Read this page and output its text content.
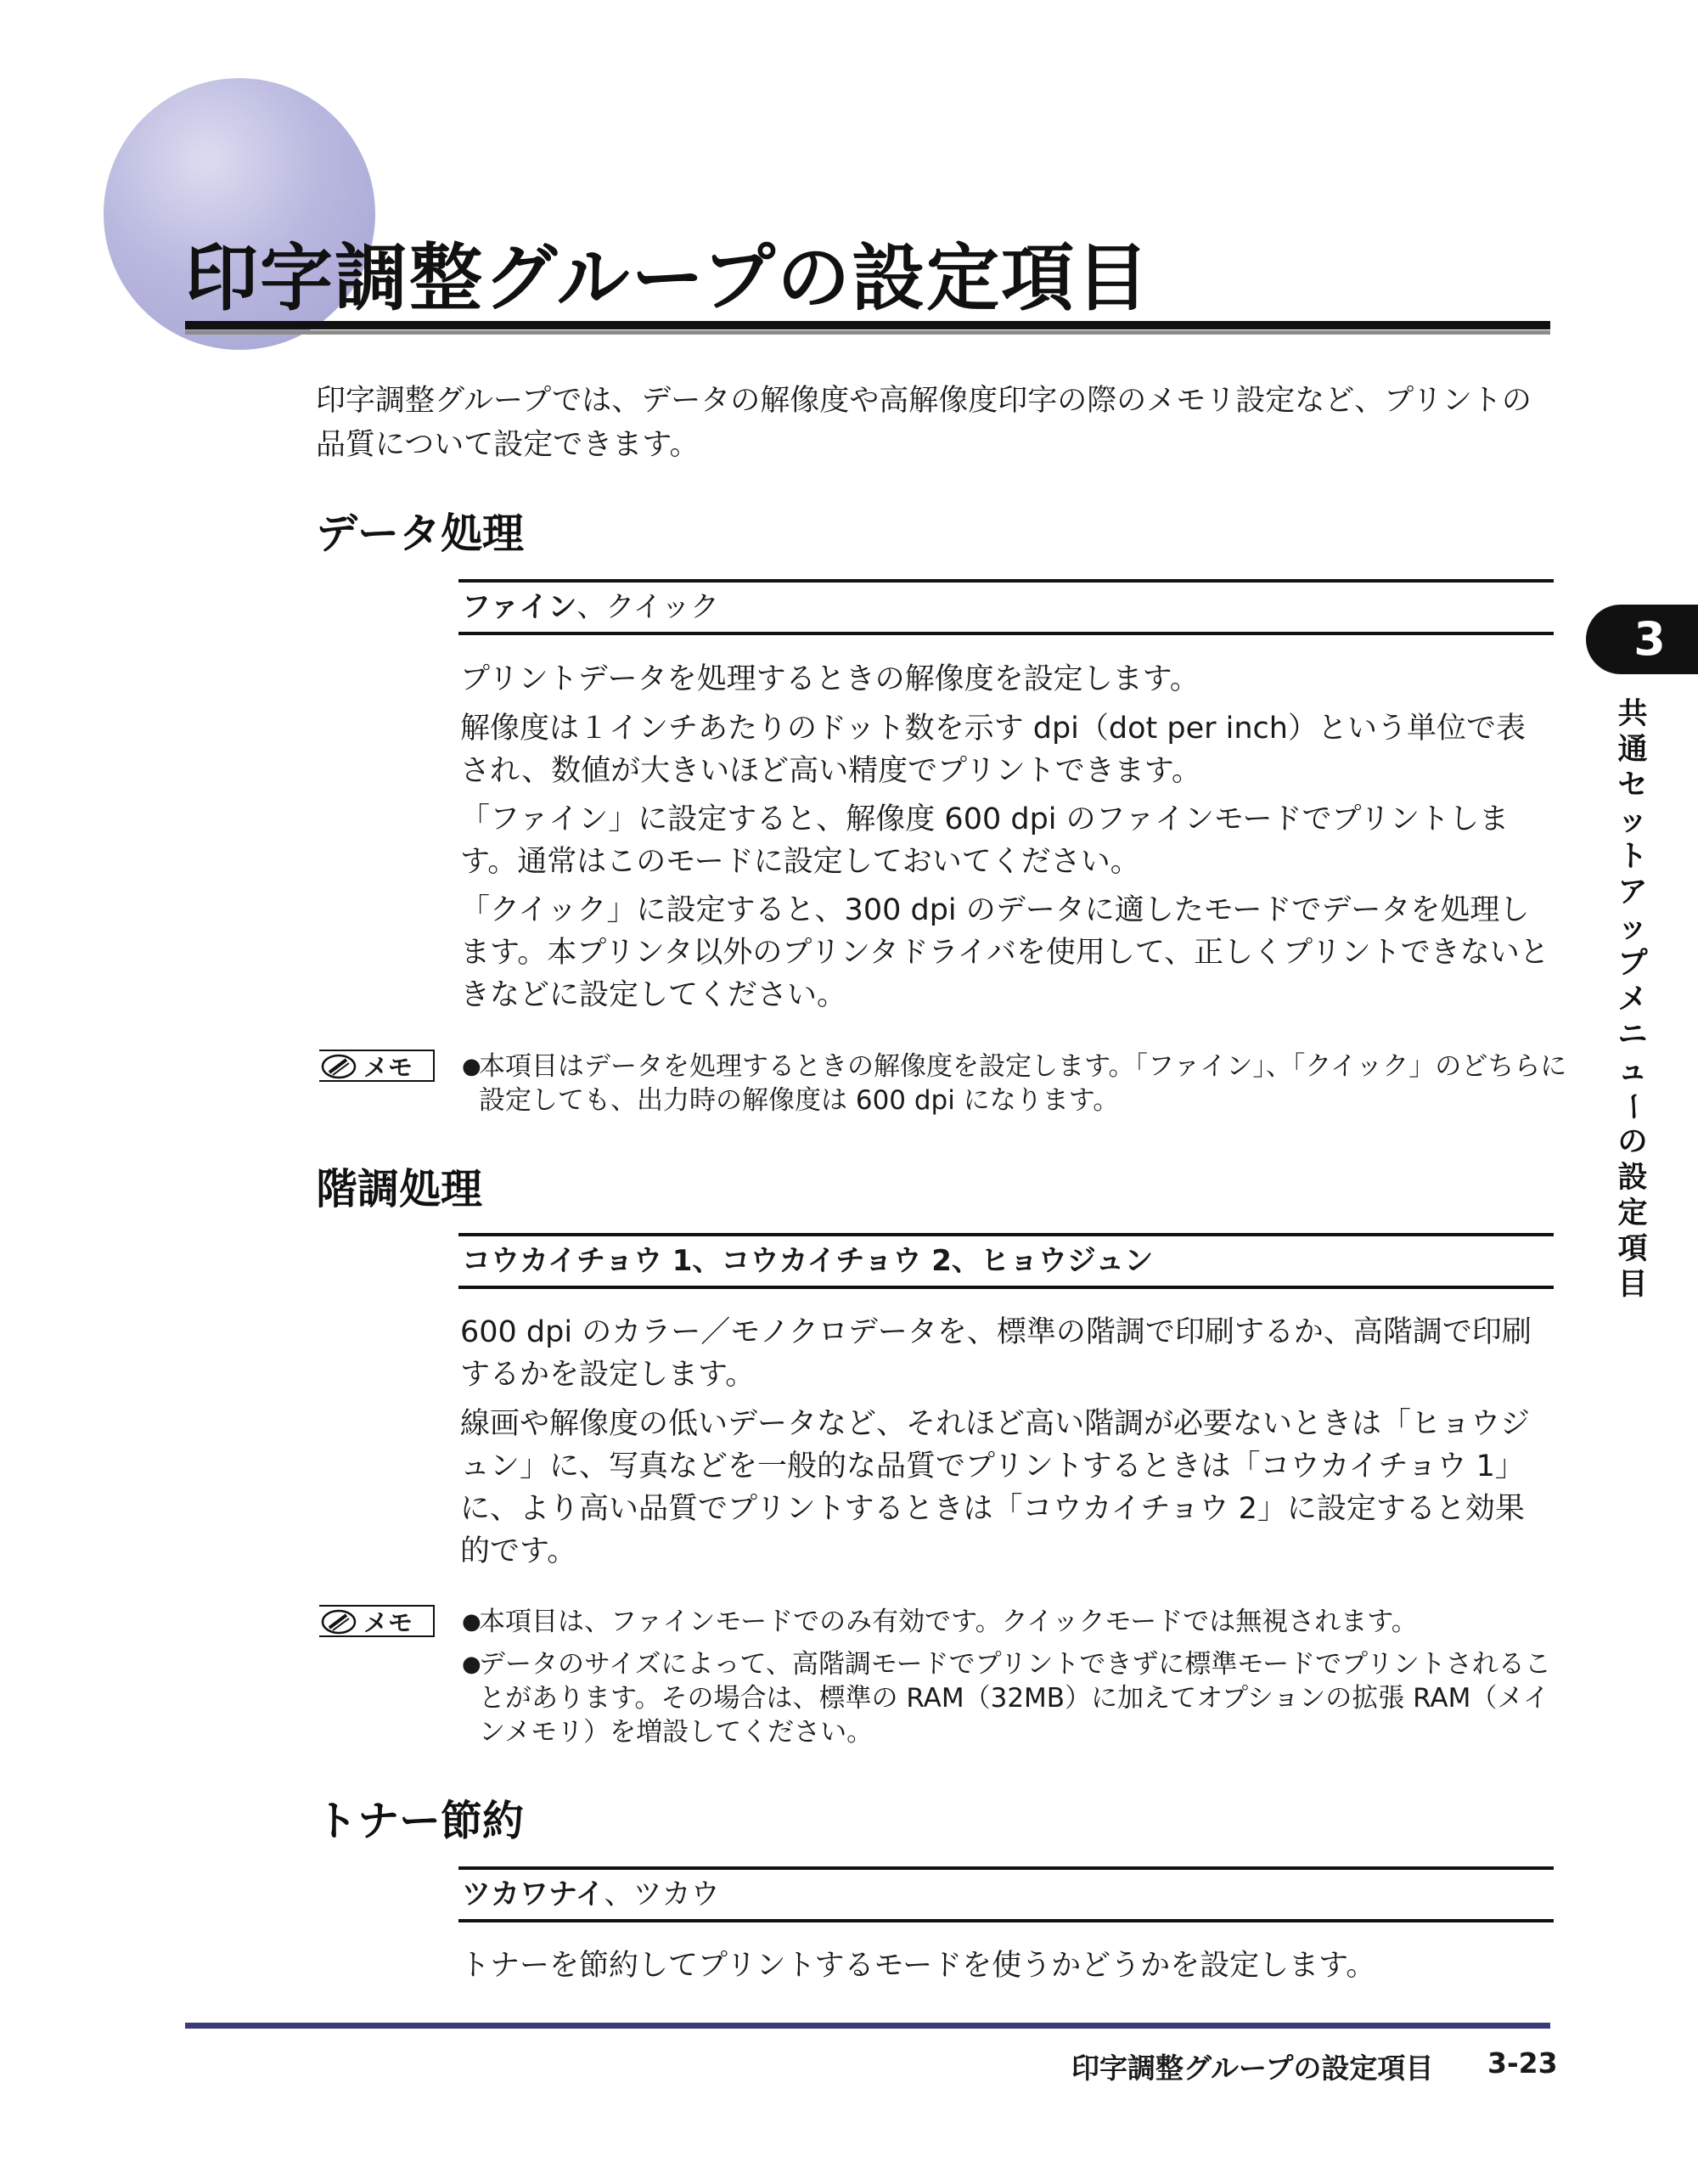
印字調整グループの設定項目

印字調整グループでは、データの解像度や高解像度印字の際のメモリ設定など、プリントの品質について設定できます。

データ処理
ファイン、クイック

プリントデータを処理するときの解像度を設定します。

解像度は１インチあたりのドット数を示す dpi（dot per inch）という単位で表され、数値が大きいほど高い精度でプリントできます。

「ファイン」に設定すると、解像度 600 dpi のファインモードでプリントします。通常はこのモードに設定しておいてください。

「クイック」に設定すると、300 dpi のデータに適したモードでデータを処理します。本プリンタ以外のプリンタドライバを使用して、正しくプリントできないときなどに設定してください。

メモ ●
本項目はデータを処理するときの解像度を設定します。「ファイン」、「クイック」のどちらに設定しても、出力時の解像度は 600 dpi になります。
階調処理
コウカイチョウ 1、コウカイチョウ 2、ヒョウジュン

600 dpi のカラー／モノクロデータを、標準の階調で印刷するか、高階調で印刷するかを設定します。

線画や解像度の低いデータなど、それほど高い階調が必要ないときは「ヒョウジュン」に、写真などを一般的な品質でプリントするときは「コウカイチョウ 1」に、より高い品質でプリントするときは「コウカイチョウ 2」に設定すると効果的です。

メモ ●
本項目は、ファインモードでのみ有効です。クイックモードでは無視されます。
●
データのサイズによって、高階調モードでプリントできずに標準モードでプリントされることがあります。その場合は、標準の RAM（32MB）に加えてオプションの拡張 RAM（メインメモリ）を増設してください。
トナー節約
ツカワナイ、ツカウ

トナーを節約してプリントするモードを使うかどうかを設定します。

3
共
通
セ
ッ
ト
ア
ッ
プ
メ
ニ
ュ
ー
の
設
定
項
目
印字調整グループの設定項目 3-23
